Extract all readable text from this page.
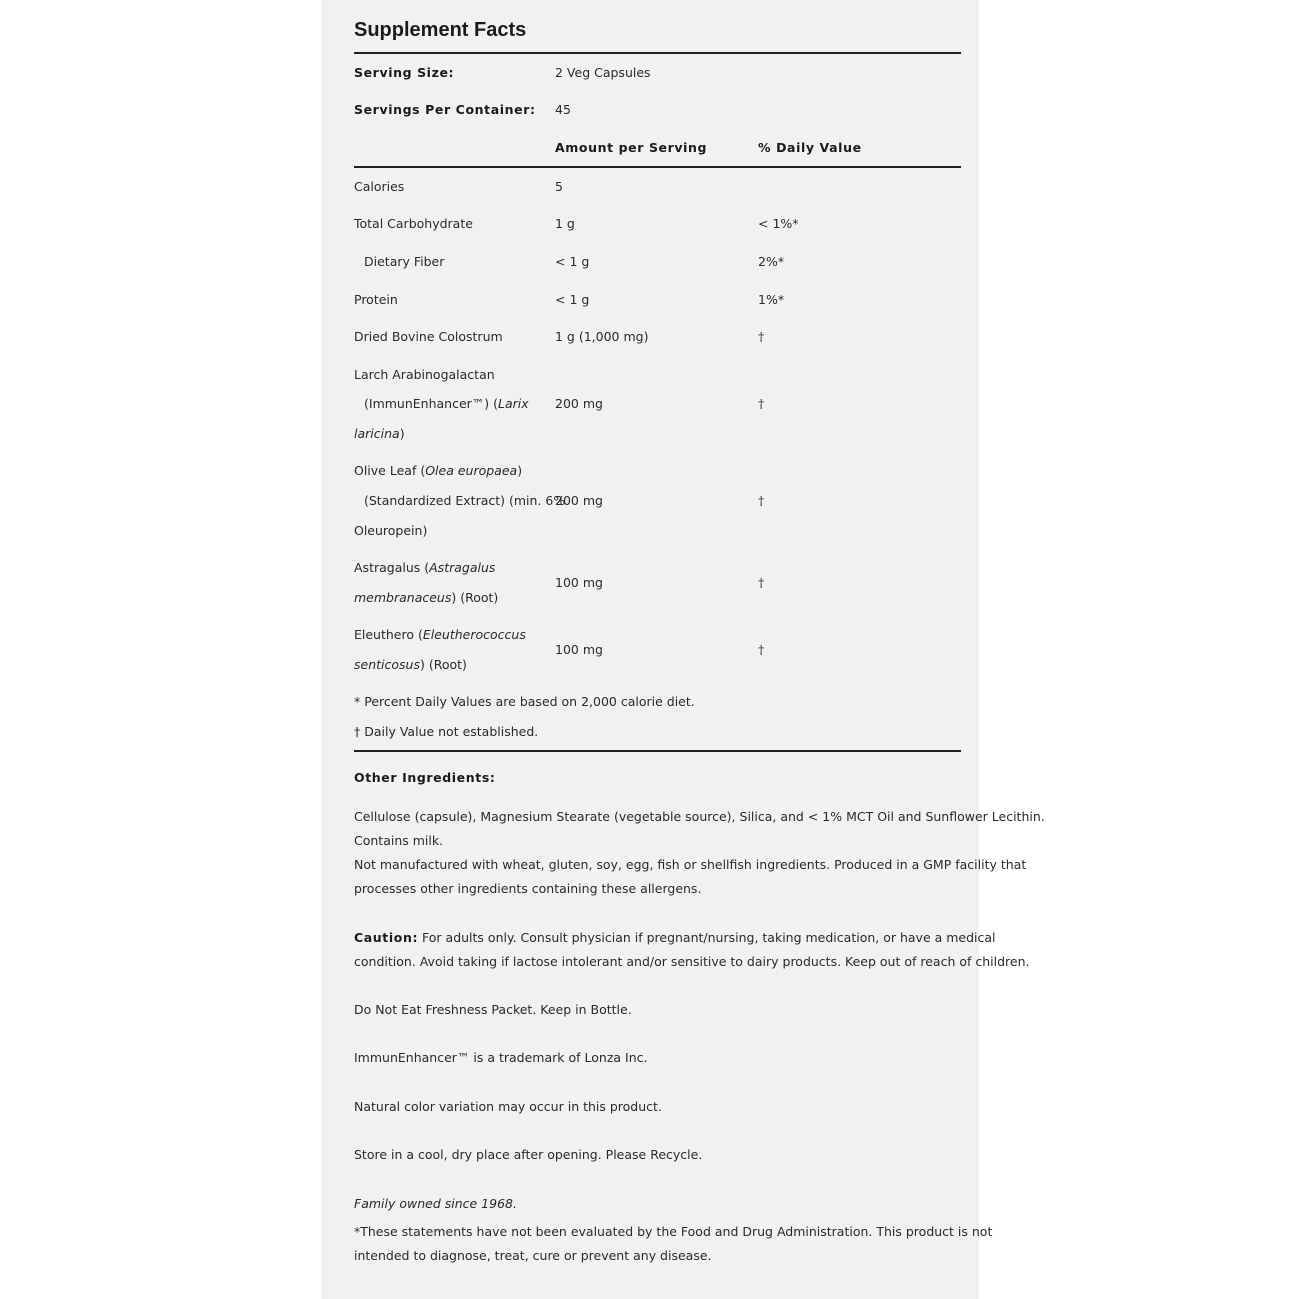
Supplement Facts
Serving Size:	2 Veg Capsules
Servings Per Container: 45
Amount per Serving	% Daily Value
Calories	5
Total Carbohydrate	1 g	< 1%*
Dietary Fiber	< 1 g	2%*
Protein	< 1 g	1%*
Dried Bovine Colostrum	1 g (1,000 mg)	†
Larch Arabinogalactan
(ImmunEnhancer™) (Larix
laricina)
200 mg	†
Olive Leaf (Olea europaea)
(Standardized Extract) (min. 6%
Oleuropein)
200 mg	†
Astragalus (Astragalus
membranaceus) (Root)
100 mg	†
Eleuthero (Eleutherococcus
senticosus) (Root)
100 mg	†
* Percent Daily Values are based on 2,000 calorie diet.
† Daily Value not established.
Other Ingredients:
Cellulose (capsule), Magnesium Stearate (vegetable source), Silica, and < 1% MCT Oil and Sunflower Lecithin.
Contains milk.
Not manufactured with wheat, gluten, soy, egg, fish or shellfish ingredients. Produced in a GMP facility that
processes other ingredients containing these allergens.
Caution: For adults only. Consult physician if pregnant/nursing, taking medication, or have a medical
condition. Avoid taking if lactose intolerant and/or sensitive to dairy products. Keep out of reach of children.
Do Not Eat Freshness Packet. Keep in Bottle.
ImmunEnhancer™ is a trademark of Lonza Inc.
Natural color variation may occur in this product.
Store in a cool, dry place after opening. Please Recycle.
Family owned since 1968.
*These statements have not been evaluated by the Food and Drug Administration. This product is not
intended to diagnose, treat, cure or prevent any disease.
